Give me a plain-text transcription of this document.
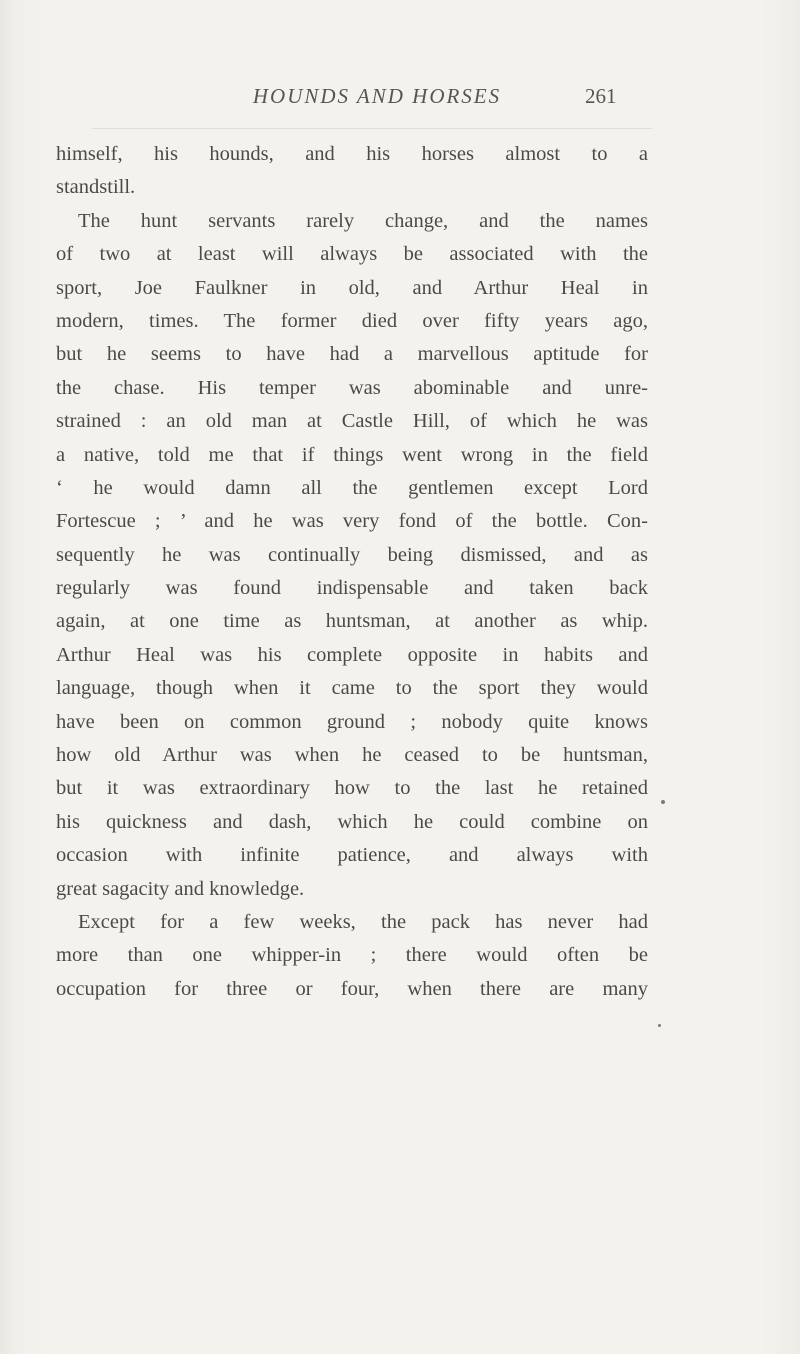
HOUNDS AND HORSES	261
himself, his hounds, and his horses almost to a
standstill.
The hunt servants rarely change, and the names
of two at least will always be associated with the
sport, Joe Faulkner in old, and Arthur Heal in
modern, times. The former died over fifty years ago,
but he seems to have had a marvellous aptitude for
the chase. His temper was abominable and unre-
strained : an old man at Castle Hill, of which he was
a native, told me that if things went wrong in the field
‘ he would damn all the gentlemen except Lord
Fortescue ; ’ and he was very fond of the bottle. Con-
sequently he was continually being dismissed, and as
regularly was found indispensable and taken back
again, at one time as huntsman, at another as whip.
Arthur Heal was his complete opposite in habits and
language, though when it came to the sport they would
have been on common ground ; nobody quite knows
how old Arthur was when he ceased to be huntsman,
but it was extraordinary how to the last he retained
his quickness and dash, which he could combine on
occasion with infinite patience, and always with
great sagacity and knowledge.
Except for a few weeks, the pack has never had
more than one whipper-in ; there would often be
occupation for three or four, when there are many
